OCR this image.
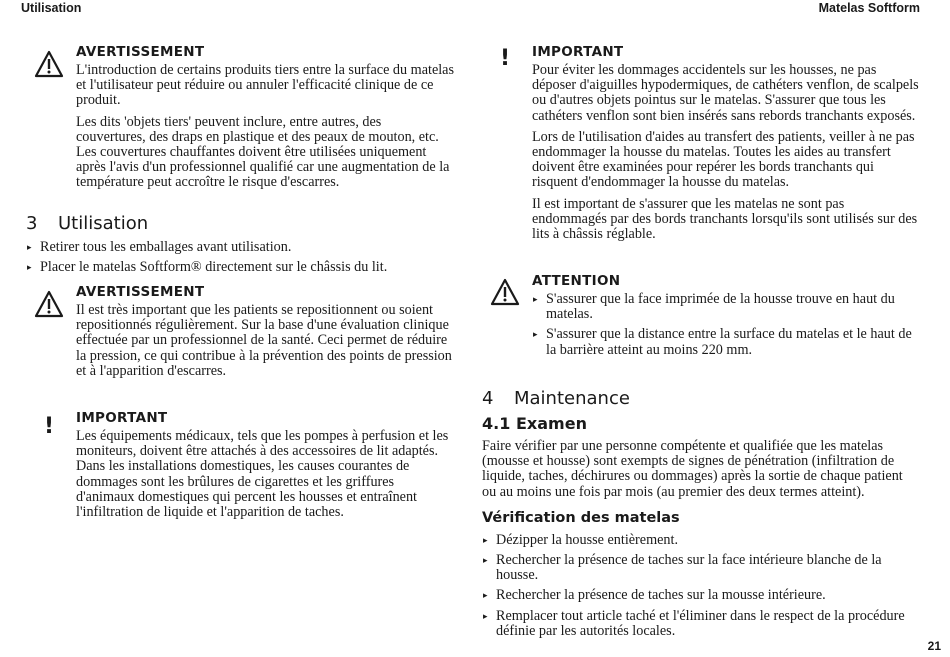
Utilisation	Matelas Softform
AVERTISSEMENT

L'introduction de certains produits tiers entre la surface du matelas et l'utilisateur peut réduire ou annuler l'efficacité clinique de ce produit.

Les dits 'objets tiers' peuvent inclure, entre autres, des couvertures, des draps en plastique et des peaux de mouton, etc. Les couvertures chauffantes doivent être utilisées uniquement après l'avis d'un professionnel qualifié car une augmentation de la température peut accroître le risque d'escarres.

3 Utilisation
▸ Retirer tous les emballages avant utilisation.
▸ Placer le matelas Softform® directement sur le châssis du lit.
AVERTISSEMENT

Il est très important que les patients se repositionnent ou soient repositionnés régulièrement. Sur la base d'une évaluation clinique effectuée par un professionnel de la santé. Ceci permet de réduire la pression, ce qui contribue à la prévention des points de pression et à l'apparition d'escarres.

!	IMPORTANT

Les équipements médicaux, tels que les pompes à perfusion et les moniteurs, doivent être attachés à des accessoires de lit adaptés. Dans les installations domestiques, les causes courantes de dommages sont les brûlures de cigarettes et les griffures d'animaux domestiques qui percent les housses et entraînent l'infiltration de liquide et l'apparition de taches.

!	IMPORTANT

Pour éviter les dommages accidentels sur les housses, ne pas déposer d'aiguilles hypodermiques, de cathéters venflon, de scalpels ou d'autres objets pointus sur le matelas. S'assurer que tous les cathéters venflon sont bien insérés sans rebords tranchants exposés.

Lors de l'utilisation d'aides au transfert des patients, veiller à ne pas endommager la housse du matelas. Toutes les aides au transfert doivent être examinées pour repérer les bords tranchants qui risquent d'endommager la housse du matelas.

Il est important de s'assurer que les matelas ne sont pas endommagés par des bords tranchants lorsqu'ils sont utilisés sur des lits à châssis réglable.

ATTENTION
▸ S'assurer que la face imprimée de la housse trouve en haut du matelas.
▸ S'assurer que la distance entre la surface du matelas et le haut de la barrière atteint au moins 220 mm.
4 Maintenance
4.1 Examen

Faire vérifier par une personne compétente et qualifiée que les matelas (mousse et housse) sont exempts de signes de pénétration (infiltration de liquide, taches, déchirures ou dommages) après la sortie de chaque patient ou au moins une fois par mois (au premier des deux termes atteint).

Vérification des matelas
▸ Dézipper la housse entièrement.
▸ Rechercher la présence de taches sur la face intérieure blanche de la housse.
▸ Rechercher la présence de taches sur la mousse intérieure.
▸ Remplacer tout article taché et l'éliminer dans le respect de la procédure définie par les autorités locales.
21
